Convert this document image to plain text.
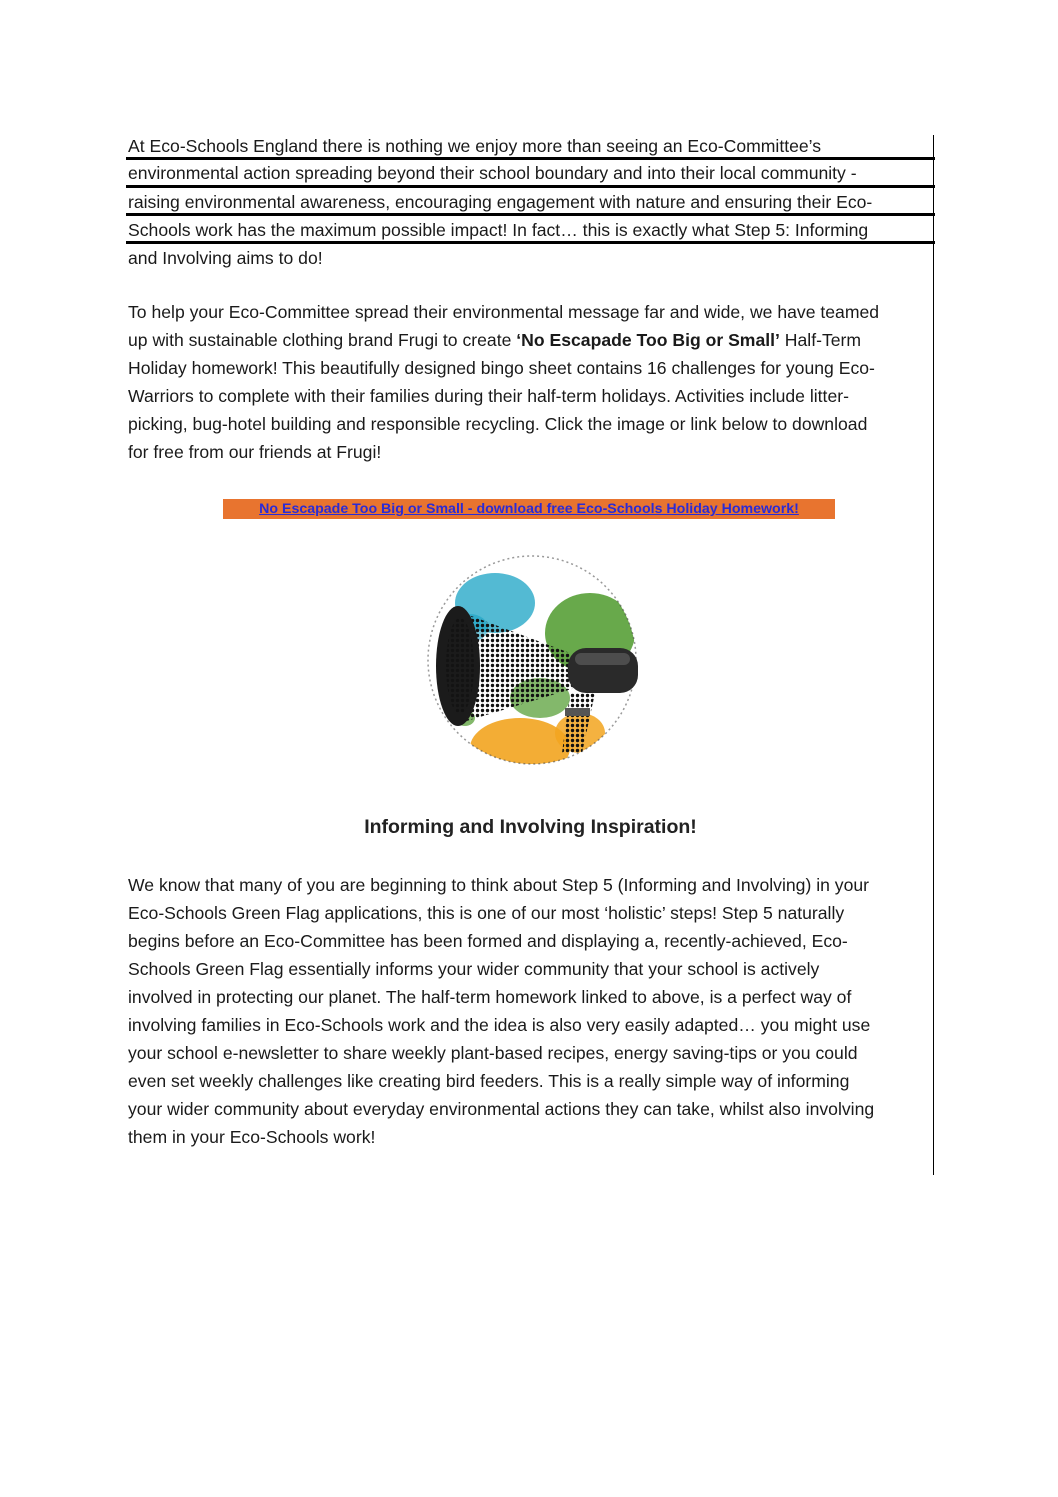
At Eco-Schools England there is nothing we enjoy more than seeing an Eco-Committee’s
environmental action spreading beyond their school boundary and into their local community -
raising environmental awareness, encouraging engagement with nature and ensuring their Eco-
Schools work has the maximum possible impact! In fact… this is exactly what Step 5: Informing
and Involving aims to do!
To help your Eco-Committee spread their environmental message far and wide, we have teamed
up with sustainable clothing brand Frugi to create ‘No Escapade Too Big or Small’ Half-Term
Holiday homework! This beautifully designed bingo sheet contains 16 challenges for young Eco-
Warriors to complete with their families during their half-term holidays. Activities include litter-
picking, bug-hotel building and responsible recycling. Click the image or link below to download
for free from our friends at Frugi!
No Escapade Too Big or Small - download free Eco-Schools Holiday Homework!
Informing and Involving Inspiration!
We know that many of you are beginning to think about Step 5 (Informing and Involving) in your
Eco-Schools Green Flag applications, this is one of our most ‘holistic’ steps! Step 5 naturally
begins before an Eco-Committee has been formed and displaying a, recently-achieved, Eco-
Schools Green Flag essentially informs your wider community that your school is actively
involved in protecting our planet. The half-term homework linked to above, is a perfect way of
involving families in Eco-Schools work and the idea is also very easily adapted… you might use
your school e-newsletter to share weekly plant-based recipes, energy saving-tips or you could
even set weekly challenges like creating bird feeders. This is a really simple way of informing
your wider community about everyday environmental actions they can take, whilst also involving
them in your Eco-Schools work!
